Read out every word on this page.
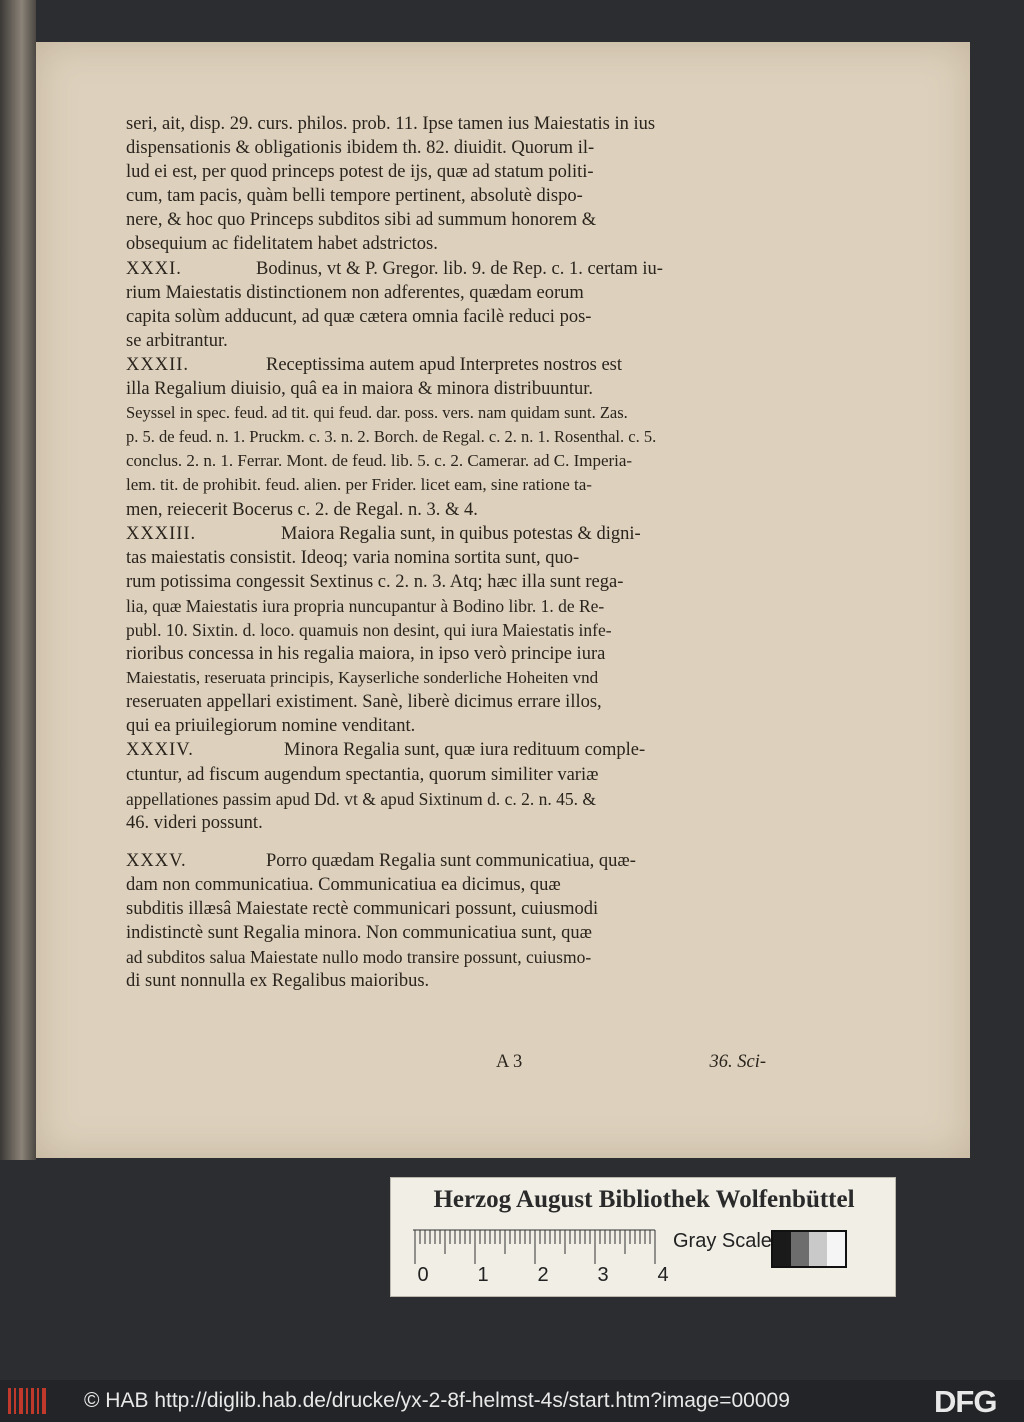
seri, ait, disp. 29. curs. philos. prob. 11. Ipse tamen ius Maiestatis in ius
dispensationis & obligationis ibidem th. 82. diuidit. Quorum il-
lud ei est, per quod princeps potest de ijs, quæ ad statum politi-
cum, tam pacis, quàm belli tempore pertinent, absolutè dispo-
nere, & hoc quo Princeps subditos sibi ad summum honorem &
obsequium ac fidelitatem habet adstrictos.
XXXI.	Bodinus, vt & P. Gregor. lib. 9. de Rep. c. 1. certam iu-
rium Maiestatis distinctionem non adferentes, quædam eorum
capita solùm adducunt, ad quæ cætera omnia facilè reduci pos-
se arbitrantur.
XXXII.	Receptissima autem apud Interpretes nostros est
illa Regalium diuisio, quâ ea in maiora & minora distribuuntur.
Seyssel in spec. feud. ad tit. qui feud. dar. poss. vers. nam quidam sunt. Zas.
p. 5. de feud. n. 1. Pruckm. c. 3. n. 2. Borch. de Regal. c. 2. n. 1. Rosenthal. c. 5.
conclus. 2. n. 1. Ferrar. Mont. de feud. lib. 5. c. 2. Camerar. ad C. Imperia-
lem. tit. de prohibit. feud. alien. per Frider. licet eam, sine ratione ta-
men, reiecerit Bocerus c. 2. de Regal. n. 3. & 4.
XXXIII.	Maiora Regalia sunt, in quibus potestas & digni-
tas maiestatis consistit. Ideoq; varia nomina sortita sunt, quo-
rum potissima congessit Sextinus c. 2. n. 3. Atq; hæc illa sunt rega-
lia, quæ Maiestatis iura propria nuncupantur à Bodino libr. 1. de Re-
publ. 10. Sixtin. d. loco. quamuis non desint, qui iura Maiestatis infe-
rioribus concessa in his regalia maiora, in ipso verò principe iura
Maiestatis, reseruata principis, Kayserliche sonderliche Hoheiten vnd
reseruaten appellari existiment. Sanè, liberè dicimus errare illos,
qui ea priuilegiorum nomine venditant.
XXXIV.	Minora Regalia sunt, quæ iura redituum comple-
ctuntur, ad fiscum augendum spectantia, quorum similiter variæ
appellationes passim apud Dd. vt & apud Sixtinum d. c. 2. n. 45. &
46. videri possunt.
XXXV.	Porro quædam Regalia sunt communicatiua, quæ-
dam non communicatiua. Communicatiua ea dicimus, quæ
subditis illæsâ Maiestate rectè communicari possunt, cuiusmodi
indistinctè sunt Regalia minora. Non communicatiua sunt, quæ
ad subditos salua Maiestate nullo modo transire possunt, cuiusmo-
di sunt nonnulla ex Regalibus maioribus.
A 3	36. Sci-
Herzog August Bibliothek Wolfenbüttel
0 1 2 3 4
Gray Scale
© HAB http://diglib.hab.de/drucke/yx-2-8f-helmst-4s/start.htm?image=00009	DFG
